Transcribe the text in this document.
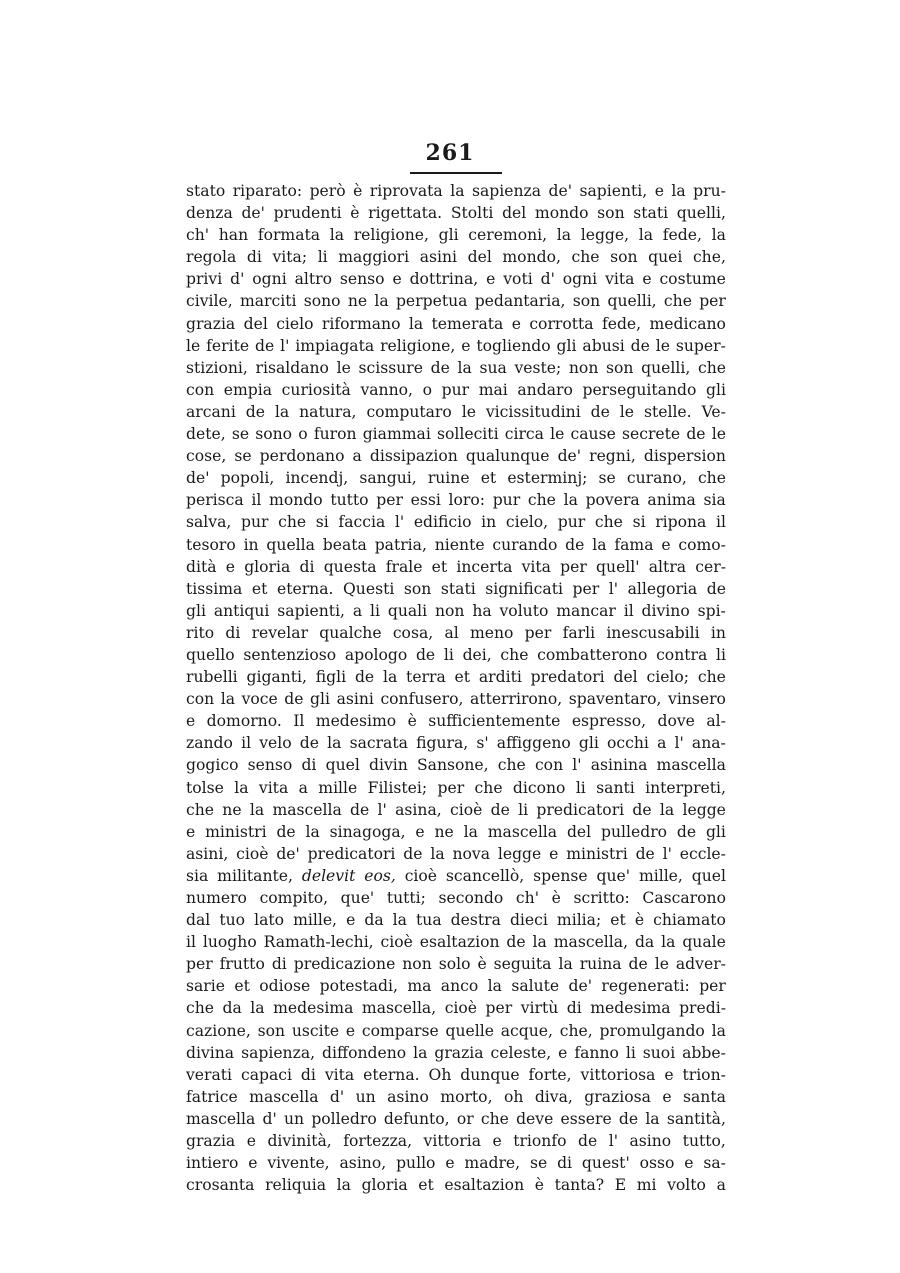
261
stato riparato: però è riprovata la sapienza de' sapienti, e la pru-
denza de' prudenti è rigettata. Stolti del mondo son stati quelli,
ch' han formata la religione, gli ceremoni, la legge, la fede, la
regola di vita; li maggiori asini del mondo, che son quei che,
privi d' ogni altro senso e dottrina, e voti d' ogni vita e costume
civile, marciti sono ne la perpetua pedantaria, son quelli, che per
grazia del cielo riformano la temerata e corrotta fede, medicano
le ferite de l' impiagata religione, e togliendo gli abusi de le super-
stizioni, risaldano le scissure de la sua veste; non son quelli, che
con empia curiosità vanno, o pur mai andaro perseguitando gli
arcani de la natura, computaro le vicissitudini de le stelle. Ve-
dete, se sono o furon giammai solleciti circa le cause secrete de le
cose, se perdonano a dissipazion qualunque de' regni, dispersion
de' popoli, incendj, sangui, ruine et esterminj; se curano, che
perisca il mondo tutto per essi loro: pur che la povera anima sia
salva, pur che si faccia l' edificio in cielo, pur che si ripona il
tesoro in quella beata patria, niente curando de la fama e como-
dità e gloria di questa frale et incerta vita per quell' altra cer-
tissima et eterna. Questi son stati significati per l' allegoria de
gli antiqui sapienti, a li quali non ha voluto mancar il divino spi-
rito di revelar qualche cosa, al meno per farli inescusabili in
quello sentenzioso apologo de li dei, che combatterono contra li
rubelli giganti, figli de la terra et arditi predatori del cielo; che
con la voce de gli asini confusero, atterrirono, spaventaro, vinsero
e domorno. Il medesimo è sufficientemente espresso, dove al-
zando il velo de la sacrata figura, s' affiggeno gli occhi a l' ana-
gogico senso di quel divin Sansone, che con l' asinina mascella
tolse la vita a mille Filistei; per che dicono li santi interpreti,
che ne la mascella de l' asina, cioè de li predicatori de la legge
e ministri de la sinagoga, e ne la mascella del pulledro de gli
asini, cioè de' predicatori de la nova legge e ministri de l' eccle-
sia militante, delevit eos, cioè scancellò, spense que' mille, quel
numero compito, que' tutti; secondo ch' è scritto: Cascarono
dal tuo lato mille, e da la tua destra dieci milia; et è chiamato
il luogho Ramath-lechi, cioè esaltazion de la mascella, da la quale
per frutto di predicazione non solo è seguita la ruina de le adver-
sarie et odiose potestadi, ma anco la salute de' regenerati: per
che da la medesima mascella, cioè per virtù di medesima predi-
cazione, son uscite e comparse quelle acque, che, promulgando la
divina sapienza, diffondeno la grazia celeste, e fanno li suoi abbe-
verati capaci di vita eterna. Oh dunque forte, vittoriosa e trion-
fatrice mascella d' un asino morto, oh diva, graziosa e santa
mascella d' un polledro defunto, or che deve essere de la santità,
grazia e divinità, fortezza, vittoria e trionfo de l' asino tutto,
intiero e vivente, asino, pullo e madre, se di quest' osso e sa-
crosanta reliquia la gloria et esaltazion è tanta? E mi volto a
